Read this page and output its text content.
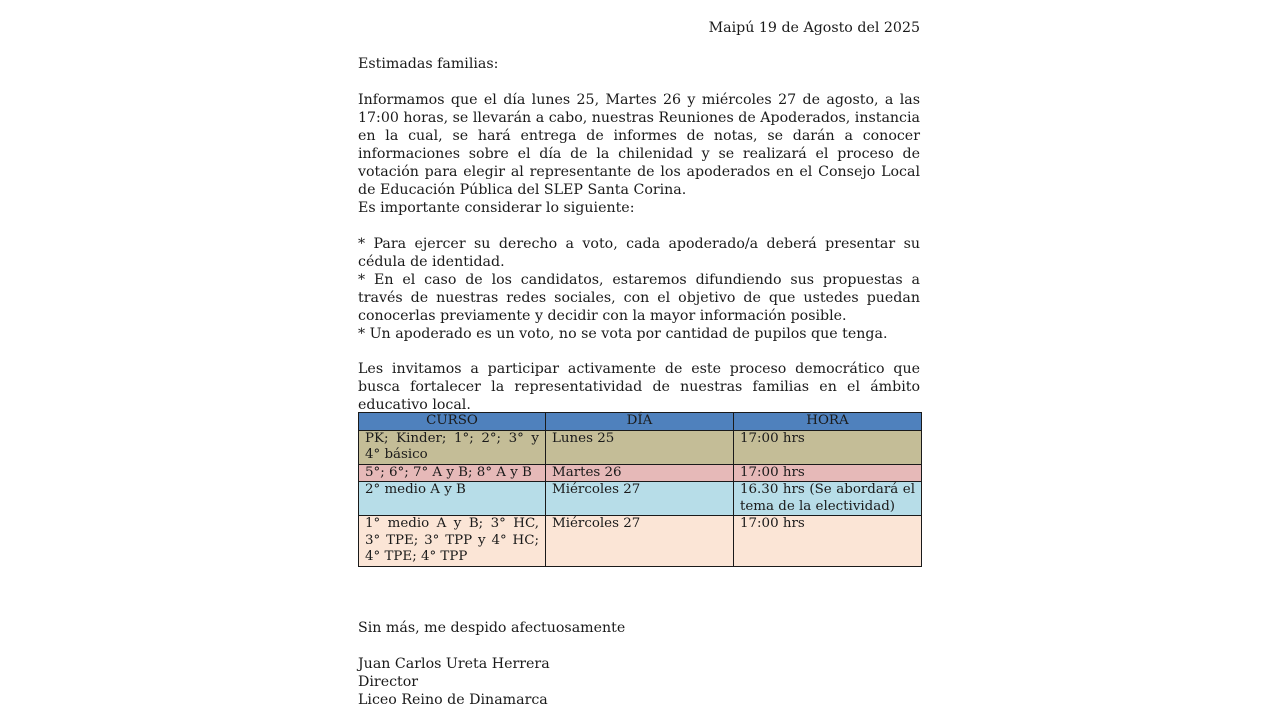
Maipú 19 de Agosto del 2025

Estimadas familias:

Informamos que el día lunes 25, Martes 26 y miércoles 27 de agosto, a las 17:00 horas, se llevarán a cabo, nuestras Reuniones de Apoderados, instancia en la cual, se hará entrega de informes de notas, se darán a conocer informaciones sobre el día de la chilenidad y se realizará el proceso de votación para elegir al representante de los apoderados en el Consejo Local de Educación Pública del SLEP Santa Corina.

Es importante considerar lo siguiente:

* Para ejercer su derecho a voto, cada apoderado/a deberá presentar su cédula de identidad.
* En el caso de los candidatos, estaremos difundiendo sus propuestas a través de nuestras redes sociales, con el objetivo de que ustedes puedan conocerlas previamente y decidir con la mayor información posible.
* Un apoderado es un voto, no se vota por cantidad de pupilos que tenga.

Les invitamos a participar activamente de este proceso democrático que busca fortalecer la representatividad de nuestras familias en el ámbito educativo local.

CURSO	DÍA	HORA
PK; Kinder; 1°; 2°; 3° y 4° básico	Lunes 25	17:00 hrs
5°; 6°; 7° A y B; 8° A y B	Martes 26	17:00 hrs
2° medio A y B	Miércoles 27	16.30 hrs (Se abordará el tema de la electividad)
1° medio A y B; 3° HC, 3° TPE; 3° TPP y 4° HC; 4° TPE; 4° TPP	Miércoles 27	17:00 hrs

Sin más, me despido afectuosamente

Juan Carlos Ureta Herrera
Director
Liceo Reino de Dinamarca
